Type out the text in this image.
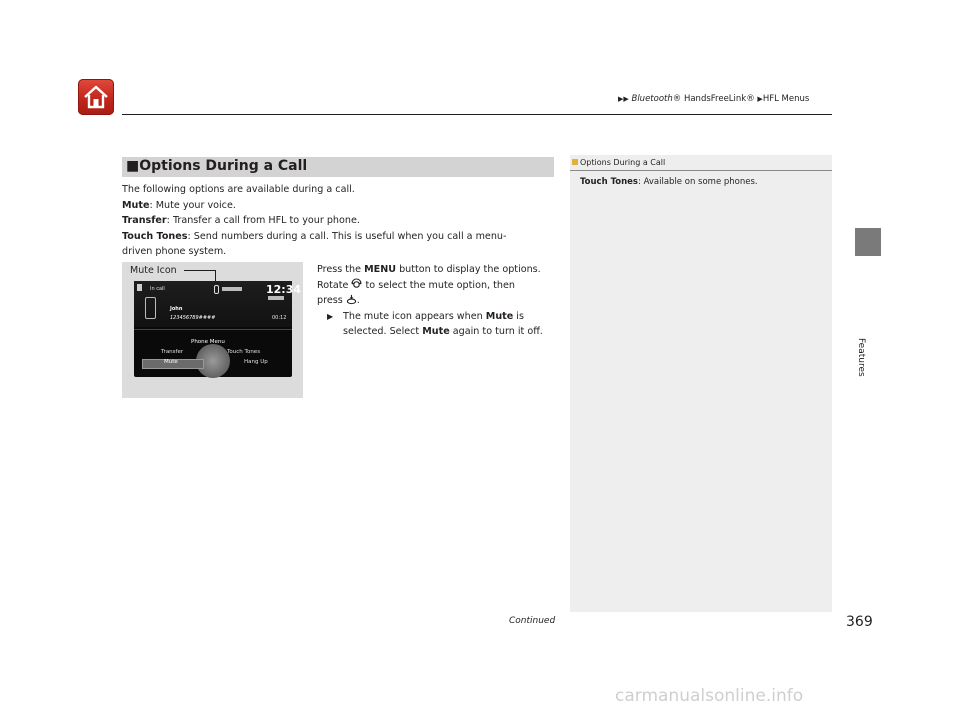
▶▶ Bluetooth® HandsFreeLink® ▶HFL Menus
Features
■Options During a Call

The following options are available during a call.

Mute: Mute your voice.

Transfer: Transfer a call from HFL to your phone.

Touch Tones: Send numbers during a call. This is useful when you call a menu-

driven phone system.

Mute Icon
In call	12:34
John
123456789####	00:12
Phone Menu
Transfer	Touch Tones
Mute	Hang Up

Press the MENU button to display the options.

Rotate  to select the mute option, then

press .

▶ The mute icon appears when Mute is

selected. Select Mute again to turn it off.

Options During a Call
Touch Tones: Available on some phones.
Continued	369
carmanualsonline.info
